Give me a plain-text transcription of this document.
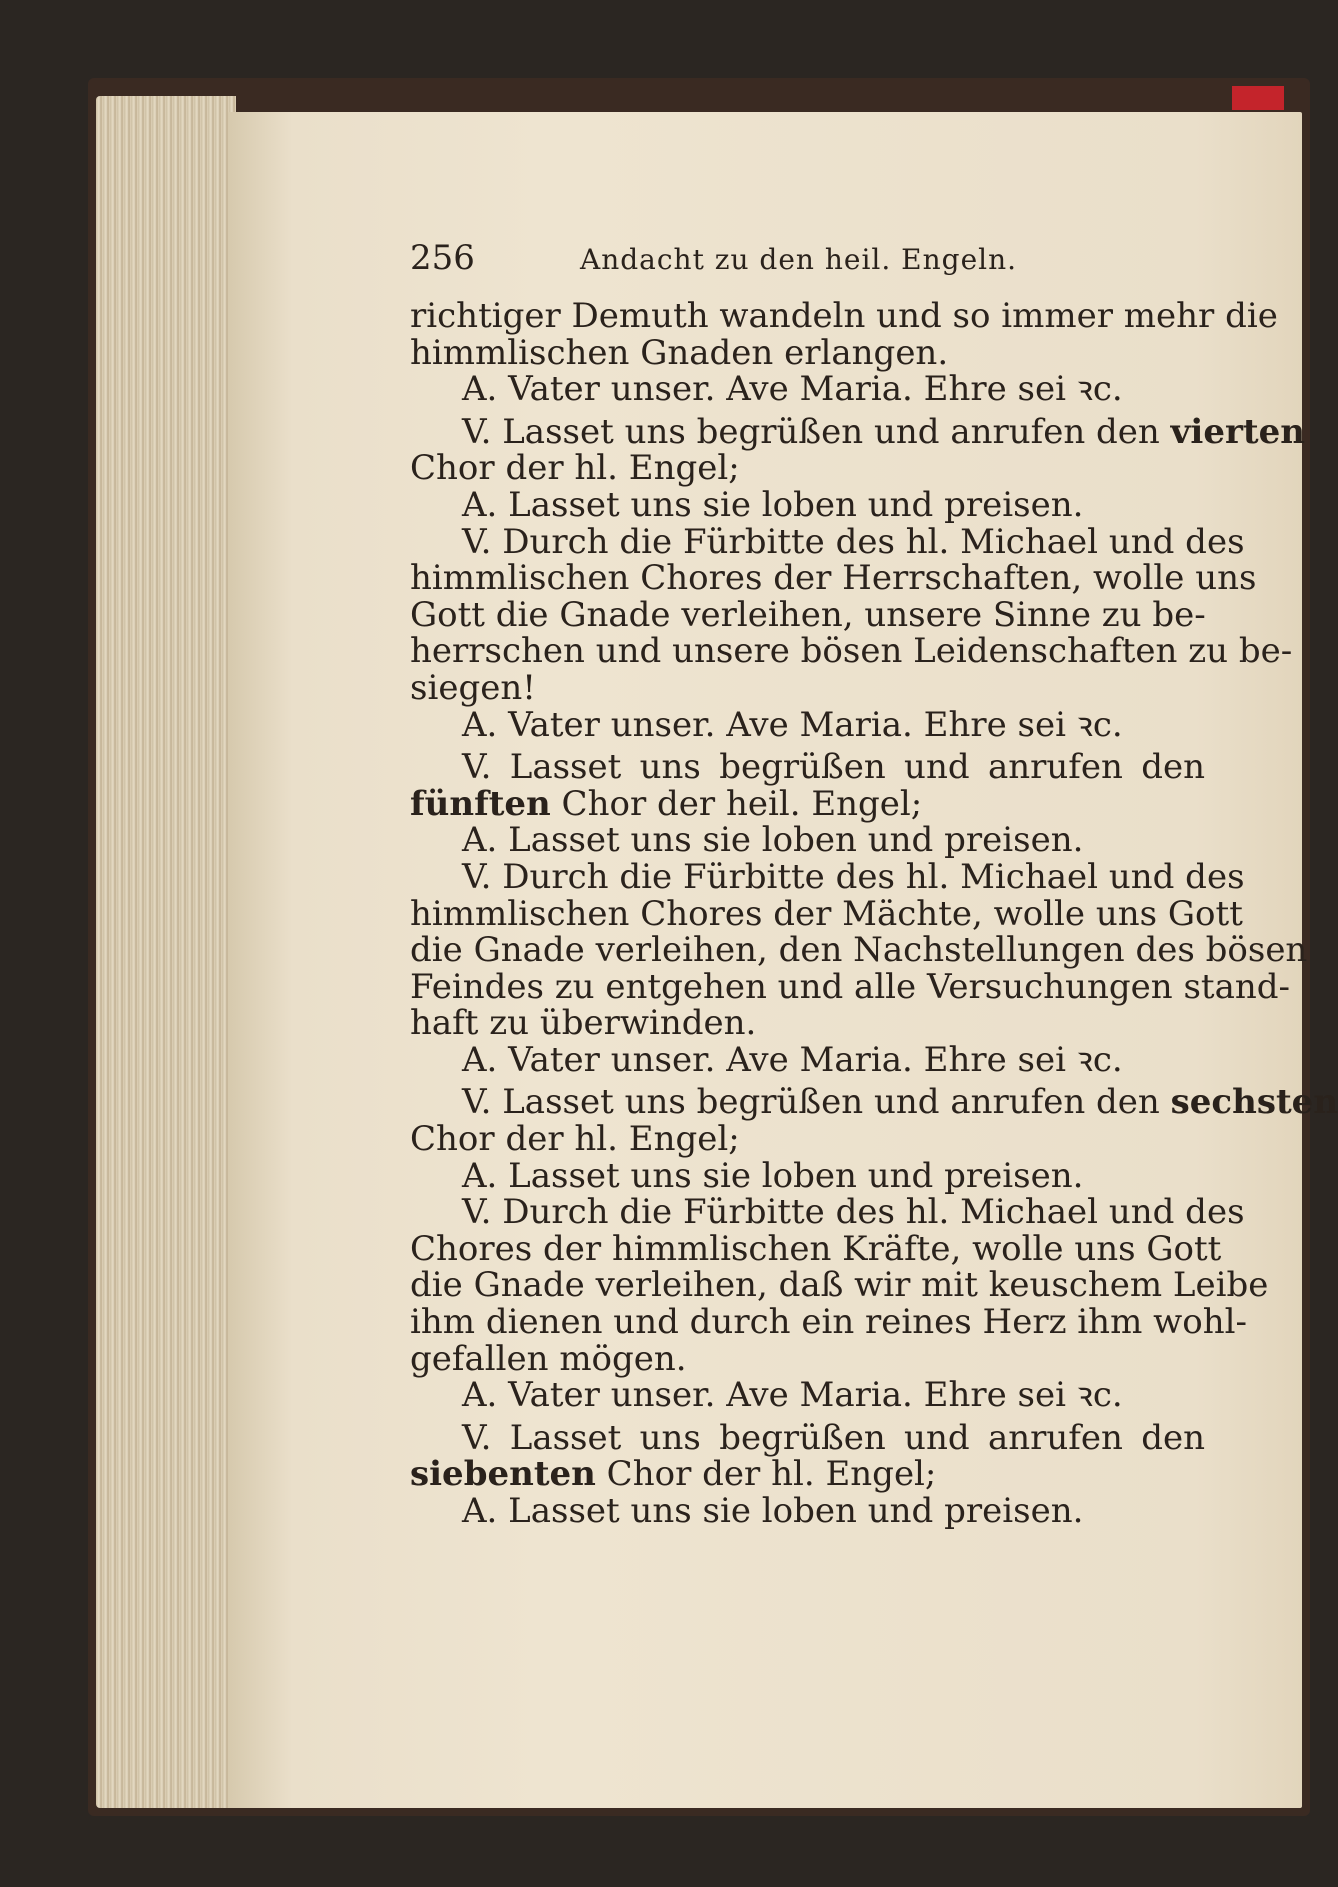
256	Andacht zu den heil. Engeln.
richtiger Demuth wandeln und so immer mehr die
himmlischen Gnaden erlangen.
A. Vater unser. Ave Maria. Ehre sei ꝛc.
V. Lasset uns begrüßen und anrufen den vierten
Chor der hl. Engel;
A. Lasset uns sie loben und preisen.
V. Durch die Fürbitte des hl. Michael und des
himmlischen Chores der Herrschaften, wolle uns
Gott die Gnade verleihen, unsere Sinne zu be-
herrschen und unsere bösen Leidenschaften zu be-
siegen!
A. Vater unser. Ave Maria. Ehre sei ꝛc.
V. Lasset uns begrüßen und anrufen den
fünften Chor der heil. Engel;
A. Lasset uns sie loben und preisen.
V. Durch die Fürbitte des hl. Michael und des
himmlischen Chores der Mächte, wolle uns Gott
die Gnade verleihen, den Nachstellungen des bösen
Feindes zu entgehen und alle Versuchungen stand-
haft zu überwinden.
A. Vater unser. Ave Maria. Ehre sei ꝛc.
V. Lasset uns begrüßen und anrufen den sechsten
Chor der hl. Engel;
A. Lasset uns sie loben und preisen.
V. Durch die Fürbitte des hl. Michael und des
Chores der himmlischen Kräfte, wolle uns Gott
die Gnade verleihen, daß wir mit keuschem Leibe
ihm dienen und durch ein reines Herz ihm wohl-
gefallen mögen.
A. Vater unser. Ave Maria. Ehre sei ꝛc.
V. Lasset uns begrüßen und anrufen den
siebenten Chor der hl. Engel;
A. Lasset uns sie loben und preisen.
